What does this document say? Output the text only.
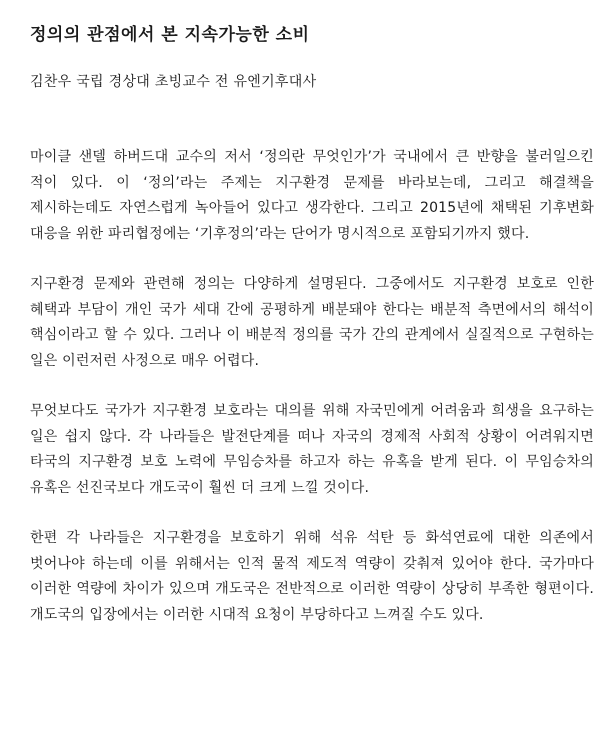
정의의 관점에서 본 지속가능한 소비
김찬우 국립 경상대 초빙교수 전 유엔기후대사

마이클 샌델 하버드대 교수의 저서 ‘정의란 무엇인가’가 국내에서 큰 반향을 불러일으킨 적이 있다. 이 ‘정의’라는 주제는 지구환경 문제를 바라보는데, 그리고 해결책을 제시하는데도 자연스럽게 녹아들어 있다고 생각한다. 그리고 2015년에 채택된 기후변화 대응을 위한 파리협정에는 ‘기후정의’라는 단어가 명시적으로 포함되기까지 했다.

지구환경 문제와 관련해 정의는 다양하게 설명된다. 그중에서도 지구환경 보호로 인한 혜택과 부담이 개인 국가 세대 간에 공평하게 배분돼야 한다는 배분적 측면에서의 해석이 핵심이라고 할 수 있다. 그러나 이 배분적 정의를 국가 간의 관계에서 실질적으로 구현하는 일은 이런저런 사정으로 매우 어렵다.

무엇보다도 국가가 지구환경 보호라는 대의를 위해 자국민에게 어려움과 희생을 요구하는 일은 쉽지 않다. 각 나라들은 발전단계를 떠나 자국의 경제적 사회적 상황이 어려워지면 타국의 지구환경 보호 노력에 무임승차를 하고자 하는 유혹을 받게 된다. 이 무임승차의 유혹은 선진국보다 개도국이 훨씬 더 크게 느낄 것이다.

한편 각 나라들은 지구환경을 보호하기 위해 석유 석탄 등 화석연료에 대한 의존에서 벗어나야 하는데 이를 위해서는 인적 물적 제도적 역량이 갖춰져 있어야 한다. 국가마다 이러한 역량에 차이가 있으며 개도국은 전반적으로 이러한 역량이 상당히 부족한 형편이다. 개도국의 입장에서는 이러한 시대적 요청이 부당하다고 느껴질 수도 있다.
